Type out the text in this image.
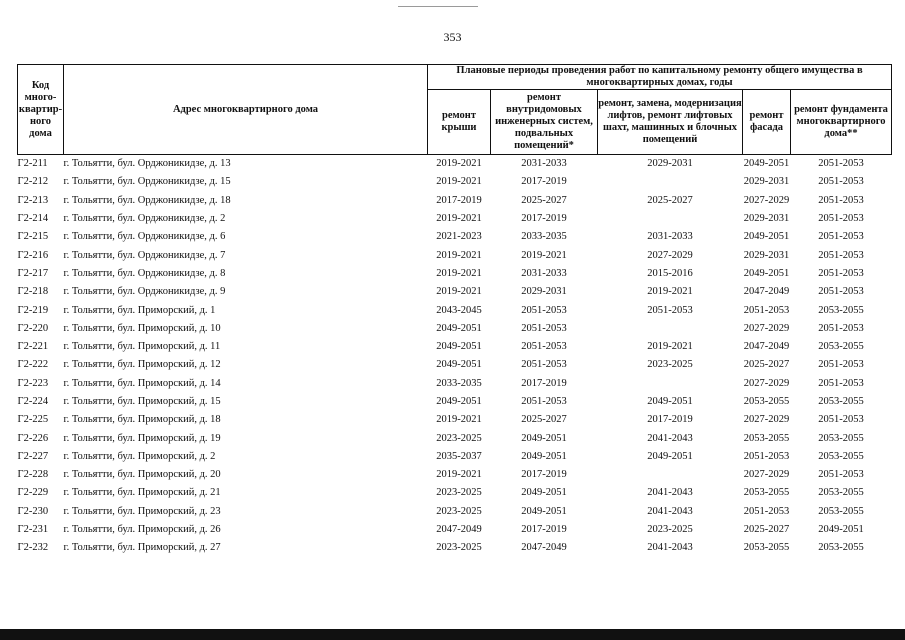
353
Код много-квартир-ного дома	Адрес многоквартирного дома	Плановые периоды проведения работ по капитальному ремонту общего имущества в многоквартирных домах, годы				
		ремонт крыши	ремонт внутридомовых инженерных систем, подвальных помещений*	ремонт, замена, модернизация лифтов, ремонт лифтовых шахт, машинных и блочных помещений	ремонт фасада	ремонт фундамента многоквартирного дома**
Г2-211	г. Тольятти, бул. Орджоникидзе, д. 13	2019-2021	2031-2033	2029-2031	2049-2051	2051-2053
Г2-212	г. Тольятти, бул. Орджоникидзе, д. 15	2019-2021	2017-2019		2029-2031	2051-2053
Г2-213	г. Тольятти, бул. Орджоникидзе, д. 18	2017-2019	2025-2027	2025-2027	2027-2029	2051-2053
Г2-214	г. Тольятти, бул. Орджоникидзе, д. 2	2019-2021	2017-2019		2029-2031	2051-2053
Г2-215	г. Тольятти, бул. Орджоникидзе, д. 6	2021-2023	2033-2035	2031-2033	2049-2051	2051-2053
Г2-216	г. Тольятти, бул. Орджоникидзе, д. 7	2019-2021	2019-2021	2027-2029	2029-2031	2051-2053
Г2-217	г. Тольятти, бул. Орджоникидзе, д. 8	2019-2021	2031-2033	2015-2016	2049-2051	2051-2053
Г2-218	г. Тольятти, бул. Орджоникидзе, д. 9	2019-2021	2029-2031	2019-2021	2047-2049	2051-2053
Г2-219	г. Тольятти, бул. Приморский, д. 1	2043-2045	2051-2053	2051-2053	2051-2053	2053-2055
Г2-220	г. Тольятти, бул. Приморский, д. 10	2049-2051	2051-2053		2027-2029	2051-2053
Г2-221	г. Тольятти, бул. Приморский, д. 11	2049-2051	2051-2053	2019-2021	2047-2049	2053-2055
Г2-222	г. Тольятти, бул. Приморский, д. 12	2049-2051	2051-2053	2023-2025	2025-2027	2051-2053
Г2-223	г. Тольятти, бул. Приморский, д. 14	2033-2035	2017-2019		2027-2029	2051-2053
Г2-224	г. Тольятти, бул. Приморский, д. 15	2049-2051	2051-2053	2049-2051	2053-2055	2053-2055
Г2-225	г. Тольятти, бул. Приморский, д. 18	2019-2021	2025-2027	2017-2019	2027-2029	2051-2053
Г2-226	г. Тольятти, бул. Приморский, д. 19	2023-2025	2049-2051	2041-2043	2053-2055	2053-2055
Г2-227	г. Тольятти, бул. Приморский, д. 2	2035-2037	2049-2051	2049-2051	2051-2053	2053-2055
Г2-228	г. Тольятти, бул. Приморский, д. 20	2019-2021	2017-2019		2027-2029	2051-2053
Г2-229	г. Тольятти, бул. Приморский, д. 21	2023-2025	2049-2051	2041-2043	2053-2055	2053-2055
Г2-230	г. Тольятти, бул. Приморский, д. 23	2023-2025	2049-2051	2041-2043	2051-2053	2053-2055
Г2-231	г. Тольятти, бул. Приморский, д. 26	2047-2049	2017-2019	2023-2025	2025-2027	2049-2051
Г2-232	г. Тольятти, бул. Приморский, д. 27	2023-2025	2047-2049	2041-2043	2053-2055	2053-2055
